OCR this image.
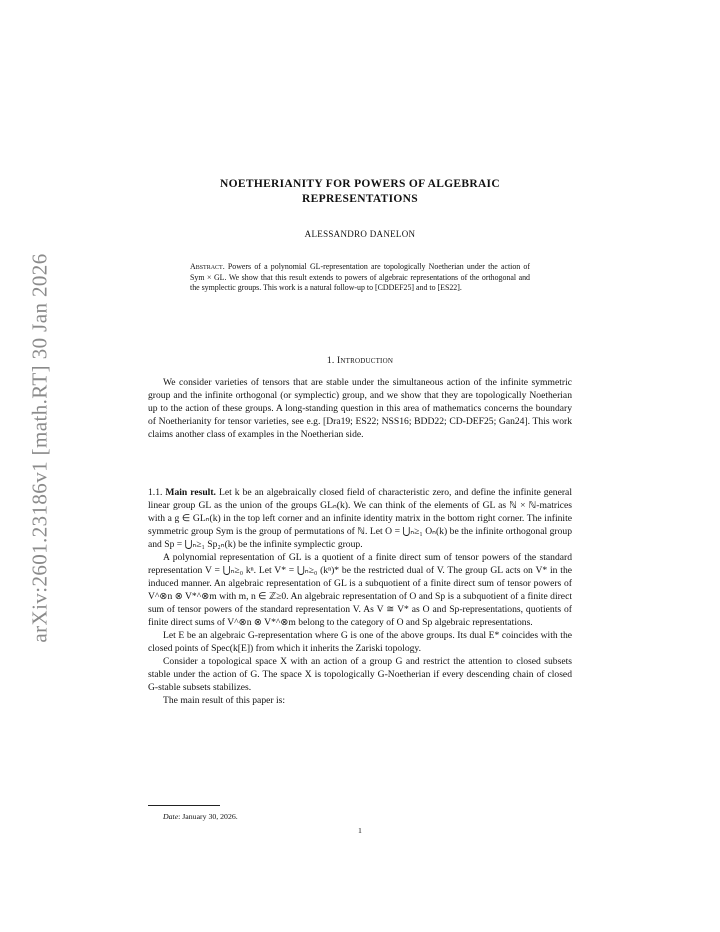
arXiv:2601.23186v1 [math.RT] 30 Jan 2026
NOETHERIANITY FOR POWERS OF ALGEBRAIC
REPRESENTATIONS
ALESSANDRO DANELON
Abstract. Powers of a polynomial GL-representation are topologically Noetherian under the action of Sym × GL. We show that this result extends to powers of algebraic representations of the orthogonal and the symplectic groups. This work is a natural follow-up to [CDDEF25] and to [ES22].
1. Introduction

We consider varieties of tensors that are stable under the simultaneous action of the infinite symmetric group and the infinite orthogonal (or symplectic) group, and we show that they are topologically Noetherian up to the action of these groups. A long-standing question in this area of mathematics concerns the boundary of Noetherianity for tensor varieties, see e.g. [Dra19; ES22; NSS16; BDD22; CD-DEF25; Gan24]. This work claims another class of examples in the Noetherian side.

1.1. Main result. Let k be an algebraically closed field of characteristic zero, and define the infinite general linear group GL as the union of the groups GLₙ(k). We can think of the elements of GL as ℕ × ℕ-matrices with a g ∈ GLₙ(k) in the top left corner and an infinite identity matrix in the bottom right corner. The infinite symmetric group Sym is the group of permutations of ℕ. Let O = ⋃ₙ≥₁ Oₙ(k) be the infinite orthogonal group and Sp = ⋃ₙ≥₁ Sp₂ₙ(k) be the infinite symplectic group.

A polynomial representation of GL is a quotient of a finite direct sum of tensor powers of the standard representation V = ⋃ₙ≥₀ kⁿ. Let V* = ⋃ₙ≥₀ (kⁿ)* be the restricted dual of V. The group GL acts on V* in the induced manner. An algebraic representation of GL is a subquotient of a finite direct sum of tensor powers of V^⊗n ⊗ V*^⊗m with m, n ∈ ℤ≥0. An algebraic representation of O and Sp is a subquotient of a finite direct sum of tensor powers of the standard representation V. As V ≅ V* as O and Sp-representations, quotients of finite direct sums of V^⊗n ⊗ V*^⊗m belong to the category of O and Sp algebraic representations.

Let E be an algebraic G-representation where G is one of the above groups. Its dual E* coincides with the closed points of Spec(k[E]) from which it inherits the Zariski topology.

Consider a topological space X with an action of a group G and restrict the attention to closed subsets stable under the action of G. The space X is topologically G-Noetherian if every descending chain of closed G-stable subsets stabilizes.

The main result of this paper is:

Date: January 30, 2026.
1
